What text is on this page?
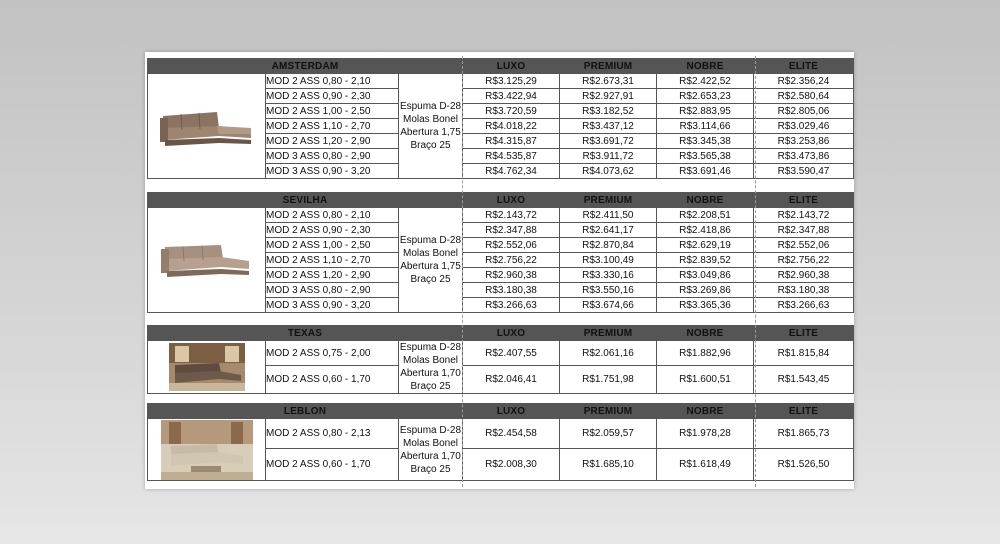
AMSTERDAM			LUXO	PREMIUM	NOBRE	ELITE

	MOD 2 ASS 0,80 - 2,10	Espuma D-28
Molas Bonel
Abertura 1,75
Braço 25	R$3.125,29	R$2.673,31	R$2.422,52	R$2.356,24
	MOD 2 ASS 0,90 - 2,30		R$3.422,94	R$2.927,91	R$2.653,23	R$2.580,64
	MOD 2 ASS 1,00 - 2,50		R$3.720,59	R$3.182,52	R$2.883,95	R$2.805,06
	MOD 2 ASS 1,10 - 2,70		R$4.018,22	R$3.437,12	R$3.114,66	R$3.029,46
	MOD 2 ASS 1,20 - 2,90		R$4.315,87	R$3.691,72	R$3.345,38	R$3.253,86
	MOD 3 ASS 0,80 - 2,90		R$4.535,87	R$3.911,72	R$3.565,38	R$3.473,86
	MOD 3 ASS 0,90 - 3,20		R$4.762,34	R$4.073,62	R$3.691,46	R$3.590,47
SEVILHA			LUXO	PREMIUM	NOBRE	ELITE

	MOD 2 ASS 0,80 - 2,10	Espuma D-28
Molas Bonel
Abertura 1,75
Braço 25	R$2.143,72	R$2.411,50	R$2.208,51	R$2.143,72
	MOD 2 ASS 0,90 - 2,30		R$2.347,88	R$2.641,17	R$2.418,86	R$2.347,88
	MOD 2 ASS 1,00 - 2,50		R$2.552,06	R$2.870,84	R$2.629,19	R$2.552,06
	MOD 2 ASS 1,10 - 2,70		R$2.756,22	R$3.100,49	R$2.839,52	R$2.756,22
	MOD 2 ASS 1,20 - 2,90		R$2.960,38	R$3.330,16	R$3.049,86	R$2.960,38
	MOD 3 ASS 0,80 - 2,90		R$3.180,38	R$3.550,16	R$3.269,86	R$3.180,38
	MOD 3 ASS 0,90 - 3,20		R$3.266,63	R$3.674,66	R$3.365,36	R$3.266,63
TEXAS			LUXO	PREMIUM	NOBRE	ELITE

	MOD 2 ASS 0,75 - 2,00	Espuma D-28
Molas Bonel
Abertura 1,70
Braço 25	R$2.407,55	R$2.061,16	R$1.882,96	R$1.815,84
	MOD 2 ASS 0,60 - 1,70		R$2.046,41	R$1.751,98	R$1.600,51	R$1.543,45
LEBLON			LUXO	PREMIUM	NOBRE	ELITE

	MOD 2 ASS 0,80 - 2,13	Espuma D-28
Molas Bonel
Abertura 1,70
Braço 25	R$2.454,58	R$2.059,57	R$1.978,28	R$1.865,73
	MOD 2 ASS 0,60 - 1,70		R$2.008,30	R$1.685,10	R$1.618,49	R$1.526,50
